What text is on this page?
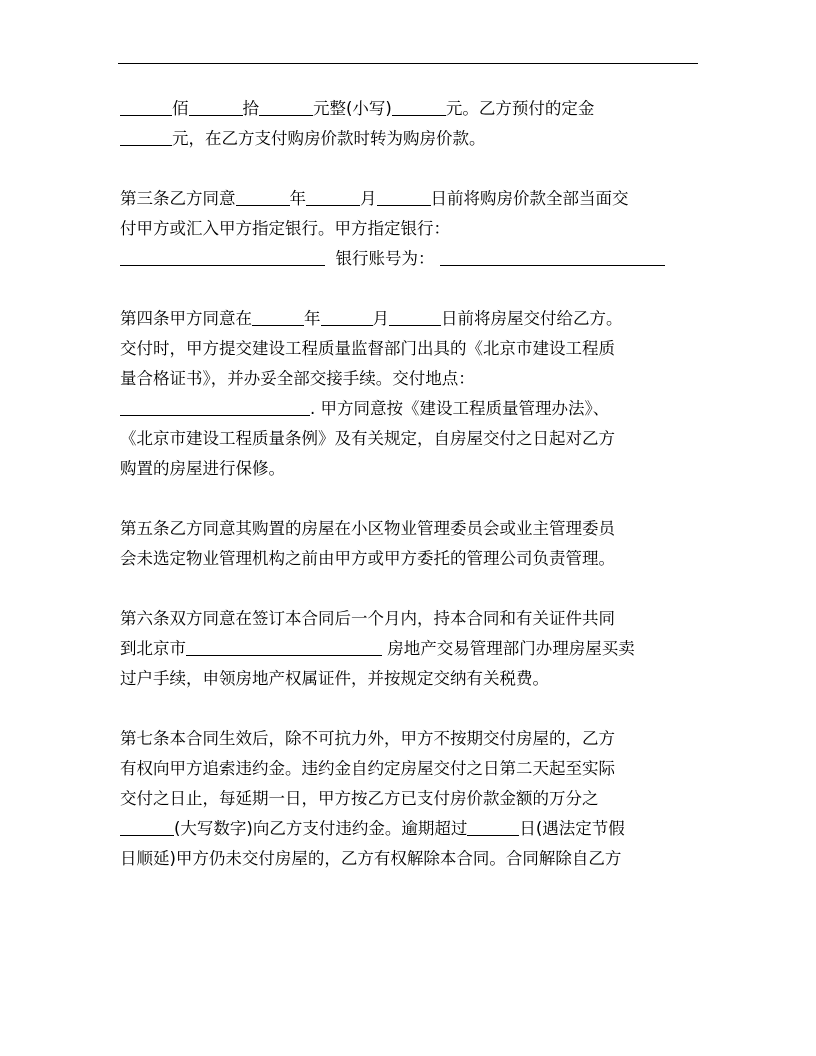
佰	拾	元整(小写)	元。乙方预付的定金
元，在乙方支付购房价款时转为购房价款。
第三条乙方同意	年	月	日前将购房价款全部当面交
付甲方或汇入甲方指定银行。甲方指定银行：
银行账号为：
第四条甲方同意在	年	月	日前将房屋交付给乙方。
交付时，甲方提交建设工程质量监督部门出具的《北京市建设工程质
量合格证书》，并办妥全部交接手续。交付地点：
. 甲方同意按《建设工程质量管理办法》、
《北京市建设工程质量条例》及有关规定，自房屋交付之日起对乙方
购置的房屋进行保修。
第五条乙方同意其购置的房屋在小区物业管理委员会或业主管理委员
会未选定物业管理机构之前由甲方或甲方委托的管理公司负责管理。
第六条双方同意在签订本合同后一个月内，持本合同和有关证件共同
到北京市	房地产交易管理部门办理房屋买卖
过户手续，申领房地产权属证件，并按规定交纳有关税费。
第七条本合同生效后，除不可抗力外，甲方不按期交付房屋的，乙方
有权向甲方追索违约金。违约金自约定房屋交付之日第二天起至实际
交付之日止，每延期一日，甲方按乙方已支付房价款金额的万分之
(大写数字)向乙方支付违约金。逾期超过	日(遇法定节假
日顺延)甲方仍未交付房屋的，乙方有权解除本合同。合同解除自乙方
